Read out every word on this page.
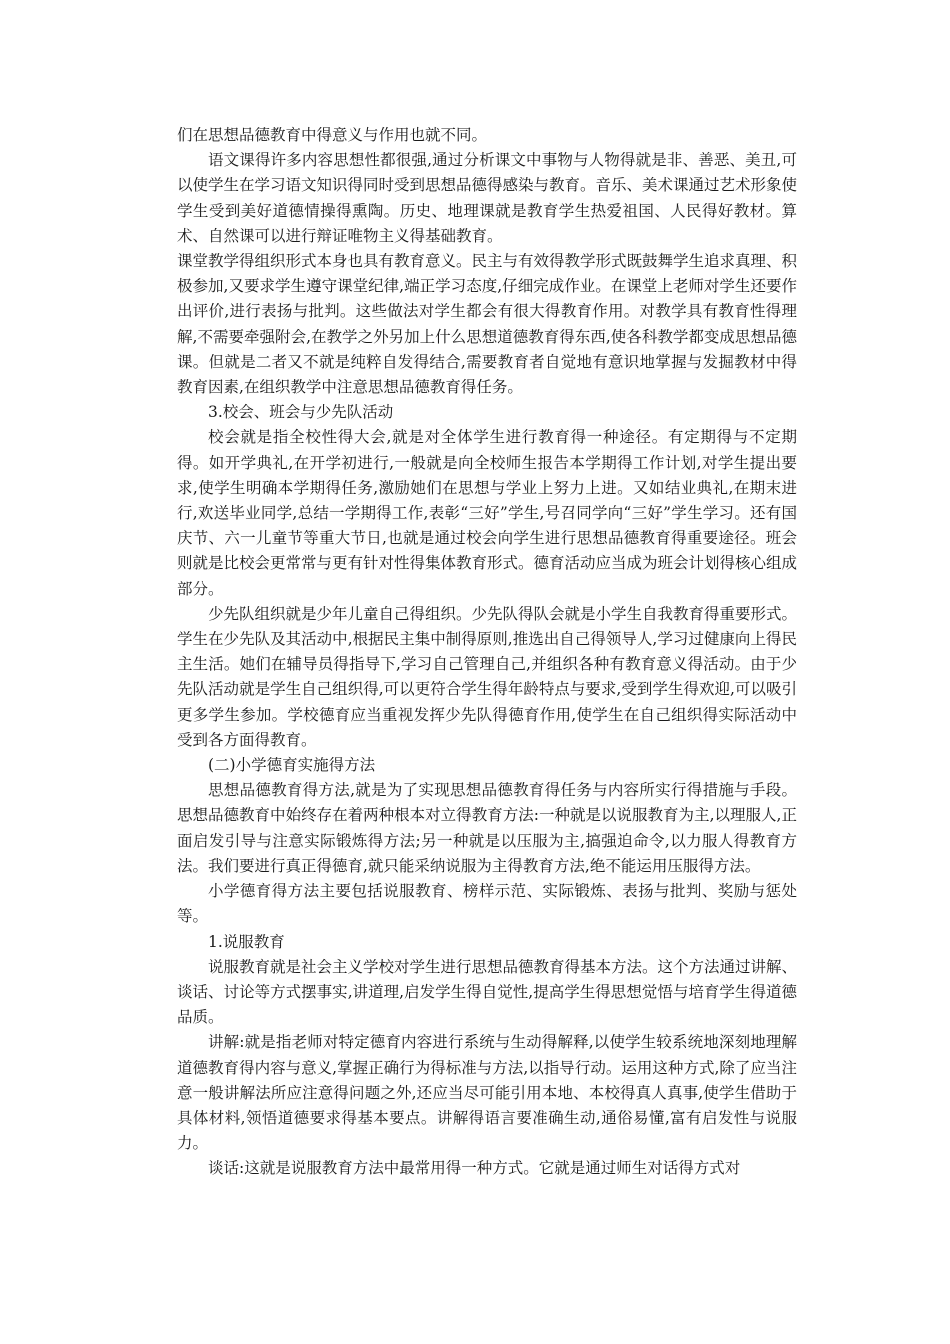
们在思想品德教育中得意义与作用也就不同。

语文课得许多内容思想性都很强,通过分析课文中事物与人物得就是非、善恶、美丑,可以使学生在学习语文知识得同时受到思想品德得感染与教育。音乐、美术课通过艺术形象使学生受到美好道德情操得熏陶。历史、地理课就是教育学生热爱祖国、人民得好教材。算术、自然课可以进行辩证唯物主义得基础教育。

课堂教学得组织形式本身也具有教育意义。民主与有效得教学形式既鼓舞学生追求真理、积极参加,又要求学生遵守课堂纪律,端正学习态度,仔细完成作业。在课堂上老师对学生还要作出评价,进行表扬与批判。这些做法对学生都会有很大得教育作用。对教学具有教育性得理解,不需要牵强附会,在教学之外另加上什么思想道德教育得东西,使各科教学都变成思想品德课。但就是二者又不就是纯粹自发得结合,需要教育者自觉地有意识地掌握与发掘教材中得教育因素,在组织教学中注意思想品德教育得任务。

3.校会、班会与少先队活动

校会就是指全校性得大会,就是对全体学生进行教育得一种途径。有定期得与不定期得。如开学典礼,在开学初进行,一般就是向全校师生报告本学期得工作计划,对学生提出要求,使学生明确本学期得任务,激励她们在思想与学业上努力上进。又如结业典礼,在期末进行,欢送毕业同学,总结一学期得工作,表彰“三好”学生,号召同学向“三好”学生学习。还有国庆节、六一儿童节等重大节日,也就是通过校会向学生进行思想品德教育得重要途径。班会则就是比校会更常常与更有针对性得集体教育形式。德育活动应当成为班会计划得核心组成部分。

少先队组织就是少年儿童自己得组织。少先队得队会就是小学生自我教育得重要形式。学生在少先队及其活动中,根据民主集中制得原则,推选出自己得领导人,学习过健康向上得民主生活。她们在辅导员得指导下,学习自己管理自己,并组织各种有教育意义得活动。由于少先队活动就是学生自己组织得,可以更符合学生得年龄特点与要求,受到学生得欢迎,可以吸引更多学生参加。学校德育应当重视发挥少先队得德育作用,使学生在自己组织得实际活动中受到各方面得教育。

(二)小学德育实施得方法

思想品德教育得方法,就是为了实现思想品德教育得任务与内容所实行得措施与手段。思想品德教育中始终存在着两种根本对立得教育方法:一种就是以说服教育为主,以理服人,正面启发引导与注意实际锻炼得方法;另一种就是以压服为主,搞强迫命令,以力服人得教育方法。我们要进行真正得德育,就只能采纳说服为主得教育方法,绝不能运用压服得方法。

小学德育得方法主要包括说服教育、榜样示范、实际锻炼、表扬与批判、奖励与惩处等。

1.说服教育

说服教育就是社会主义学校对学生进行思想品德教育得基本方法。这个方法通过讲解、谈话、讨论等方式摆事实,讲道理,启发学生得自觉性,提高学生得思想觉悟与培育学生得道德品质。

讲解:就是指老师对特定德育内容进行系统与生动得解释,以使学生较系统地深刻地理解道德教育得内容与意义,掌握正确行为得标准与方法,以指导行动。运用这种方式,除了应当注意一般讲解法所应注意得问题之外,还应当尽可能引用本地、本校得真人真事,使学生借助于具体材料,领悟道德要求得基本要点。讲解得语言要准确生动,通俗易懂,富有启发性与说服力。

谈话:这就是说服教育方法中最常用得一种方式。它就是通过师生对话得方式对
